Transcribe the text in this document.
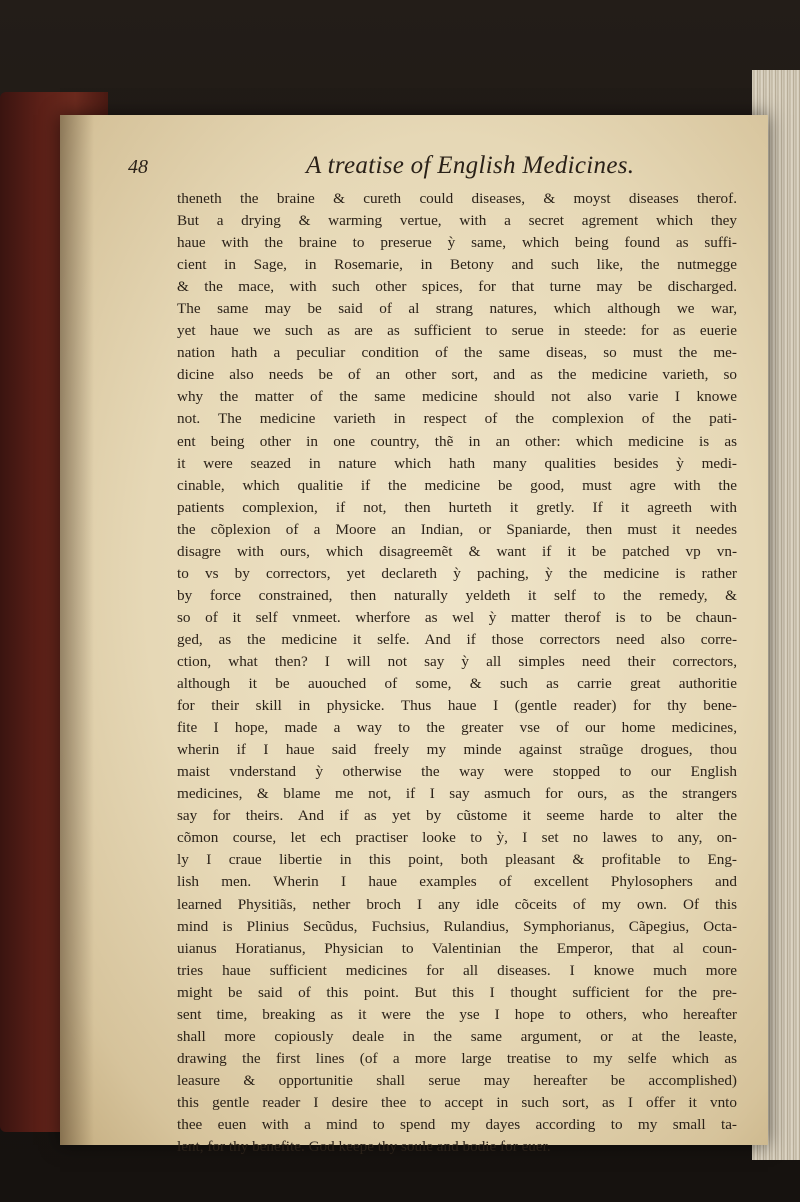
48	A treatise of English Medicines.
theneth the braine & cureth could diseases, & moyst diseases therof.
But a drying & warming vertue, with a secret agrement which they
haue with the braine to preserue ỳ same, which being found as suffi-
cient in Sage, in Rosemarie, in Betony and such like, the nutmegge
& the mace, with such other spices, for that turne may be discharged.
The same may be said of al strang natures, which although we war,
yet haue we such as are as sufficient to serue in steede: for as euerie
nation hath a peculiar condition of the same diseas, so must the me-
dicine also needs be of an other sort, and as the medicine varieth, so
why the matter of the same medicine should not also varie I knowe
not. The medicine varieth in respect of the complexion of the pati-
ent being other in one country, thẽ in an other: which medicine is as
it were seazed in nature which hath many qualities besides ỳ medi-
cinable, which qualitie if the medicine be good, must agre with the
patients complexion, if not, then hurteth it gretly. If it agreeth with
the cõplexion of a Moore an Indian, or Spaniarde, then must it needes
disagre with ours, which disagreemẽt & want if it be patched vp vn-
to vs by correctors, yet declareth ỳ paching, ỳ the medicine is rather
by force constrained, then naturally yeldeth it self to the remedy, &
so of it self vnmeet. wherfore as wel ỳ matter therof is to be chaun-
ged, as the medicine it selfe. And if those correctors need also corre-
ction, what then? I will not say ỳ all simples need their correctors,
although it be auouched of some, & such as carrie great authoritie
for their skill in physicke. Thus haue I (gentle reader) for thy bene-
fite I hope, made a way to the greater vse of our home medicines,
wherin if I haue said freely my minde against straũge drogues, thou
maist vnderstand ỳ otherwise the way were stopped to our English
medicines, & blame me not, if I say asmuch for ours, as the strangers
say for theirs. And if as yet by cũstome it seeme harde to alter the
cõmon course, let ech practiser looke to ỳ, I set no lawes to any, on-
ly I craue libertie in this point, both pleasant & profitable to Eng-
lish men. Wherin I haue examples of excellent Phylosophers and
learned Physitiãs, nether broch I any idle cõceits of my own. Of this
mind is Plinius Secũdus, Fuchsius, Rulandius, Symphorianus, Cãpegius, Octa-
uianus Horatianus, Physician to Valentinian the Emperor, that al coun-
tries haue sufficient medicines for all diseases. I knowe much more
might be said of this point. But this I thought sufficient for the pre-
sent time, breaking as it were the yse I hope to others, who hereafter
shall more copiously deale in the same argument, or at the leaste,
drawing the first lines (of a more large treatise to my selfe which as
leasure & opportunitie shall serue may hereafter be accomplished)
this gentle reader I desire thee to accept in such sort, as I offer it vnto
thee euen with a mind to spend my dayes according to my small ta-
lent, for thy benefite. God keepe thy soule and bodie for euer.
